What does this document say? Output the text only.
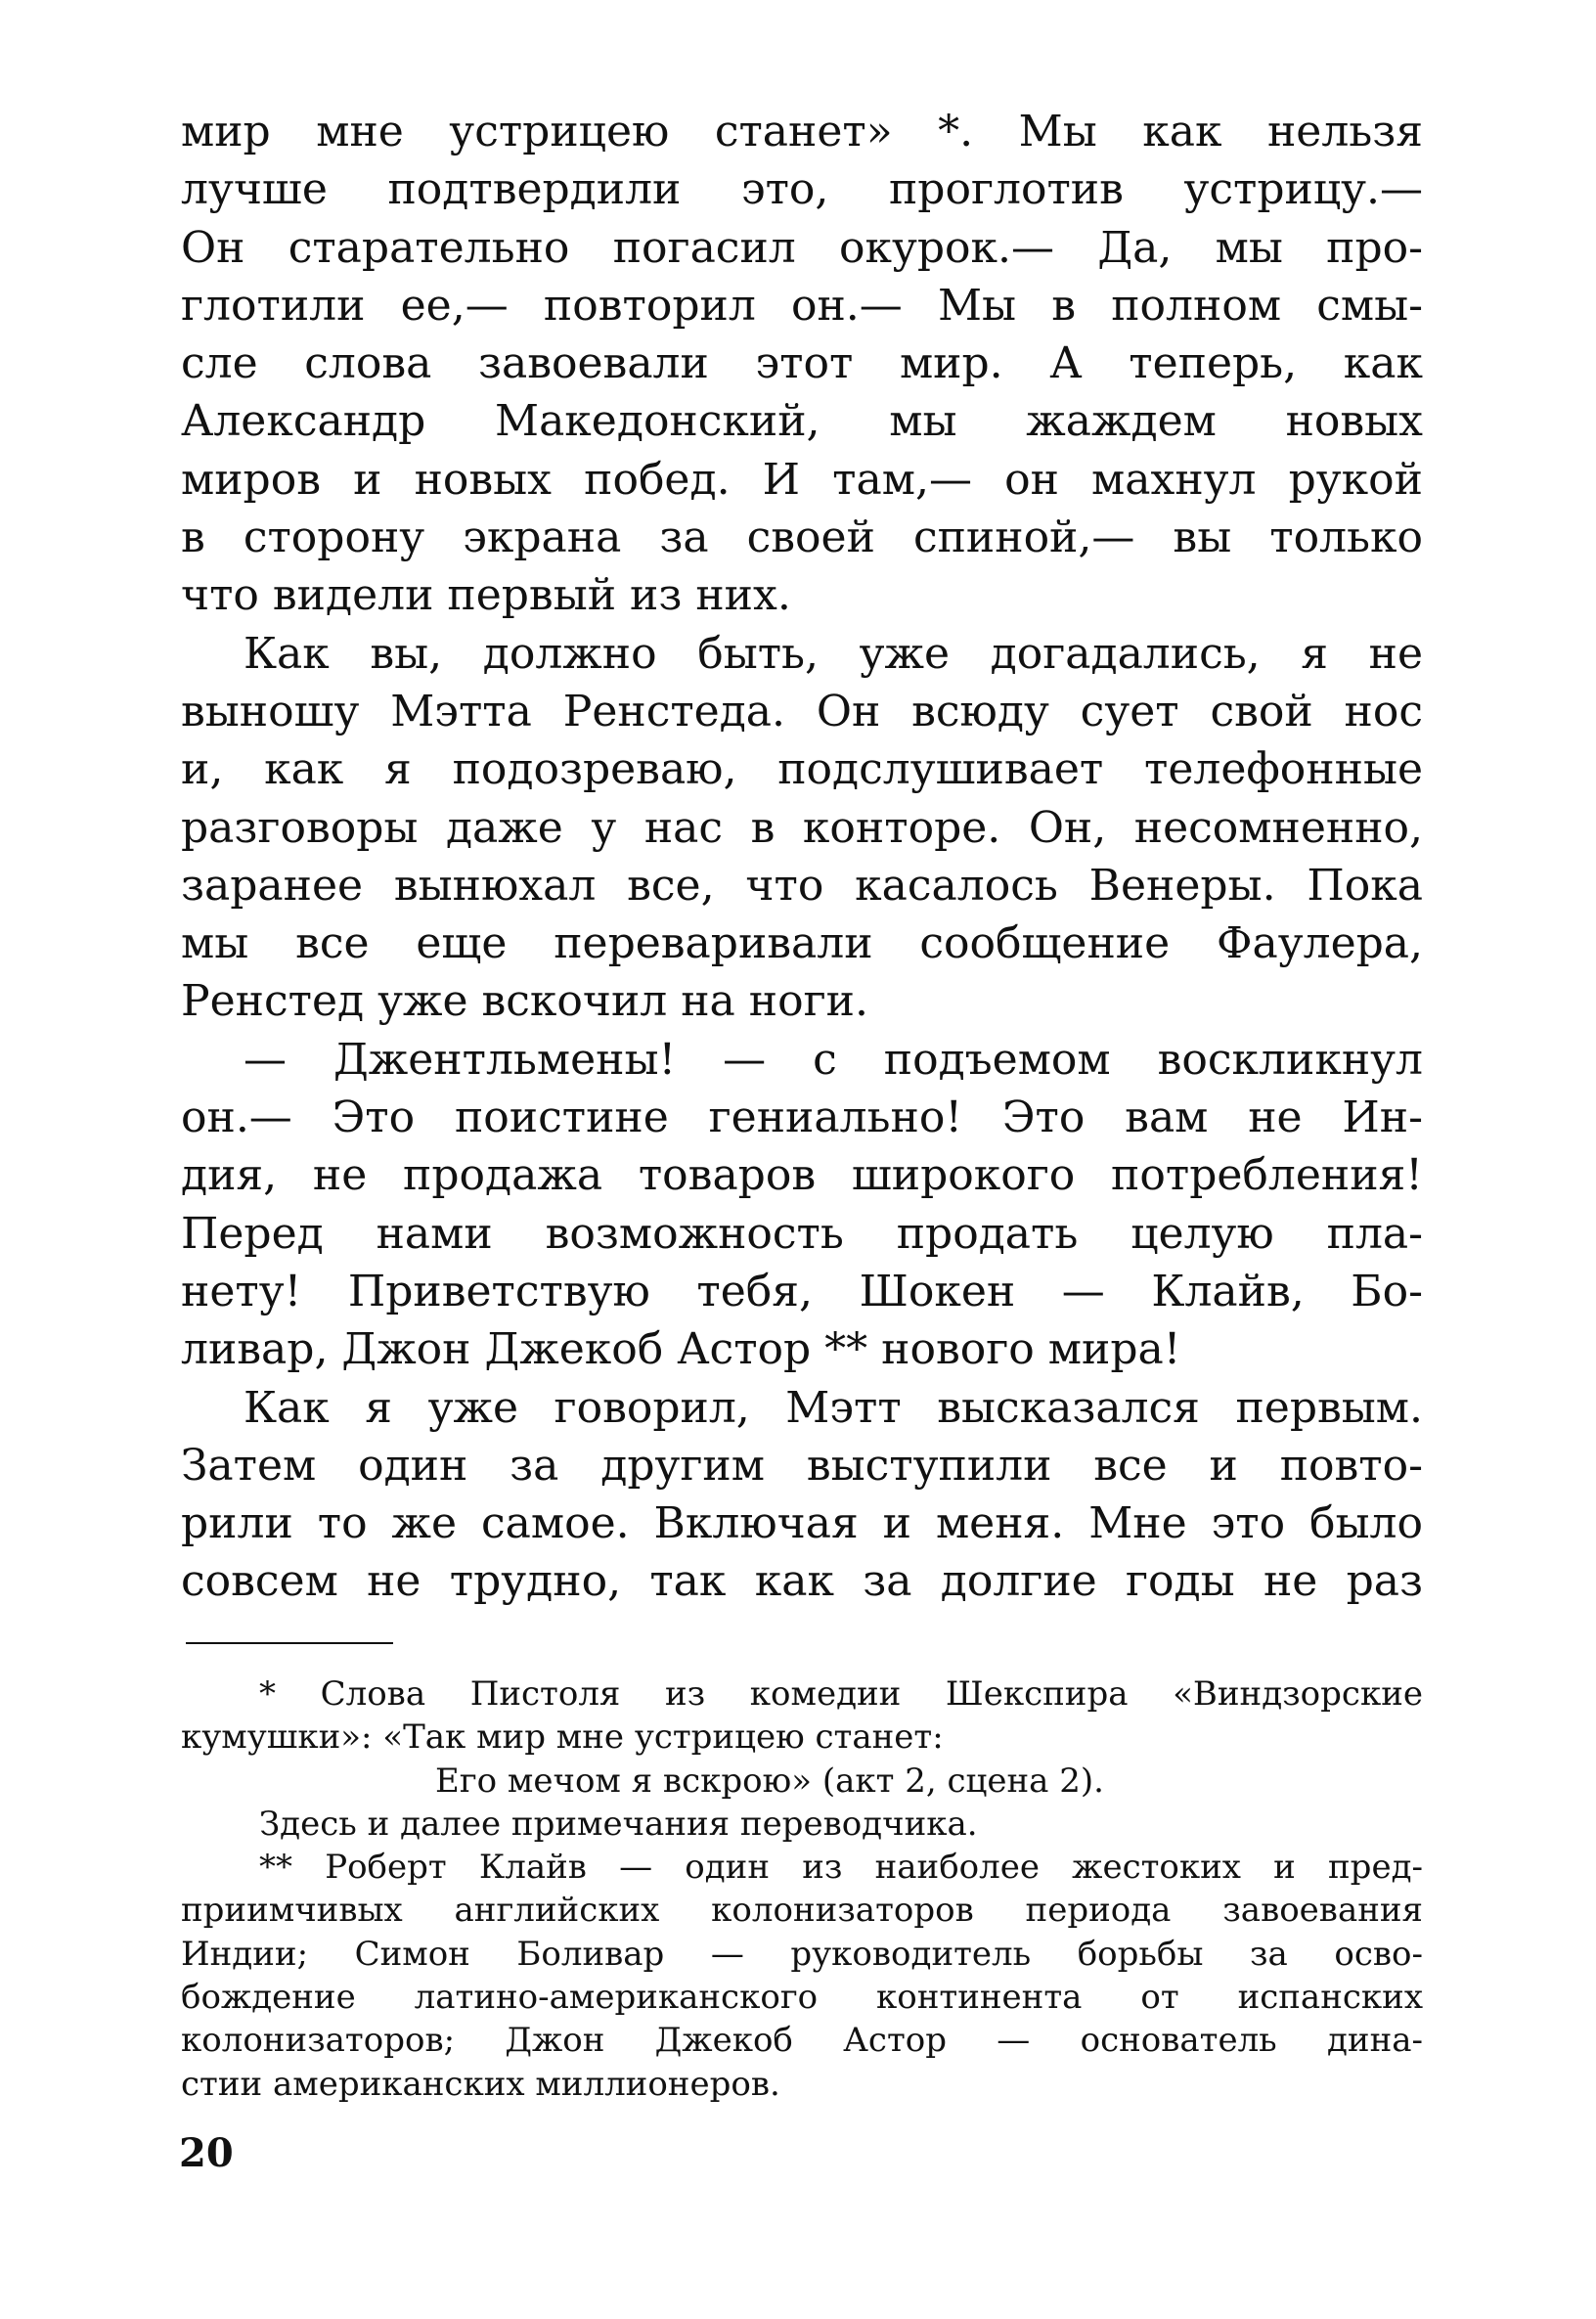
мир мне устрицею станет» *. Мы как нельзя
лучше подтвердили это, проглотив устрицу.—
Он старательно погасил окурок.— Да, мы про-
глотили ее,— повторил он.— Мы в полном смы-
сле слова завоевали этот мир. А теперь, как
Александр Македонский, мы жаждем новых
миров и новых побед. И там,— он махнул рукой
в сторону экрана за своей спиной,— вы только
что видели первый из них.
Как вы, должно быть, уже догадались, я не
выношу Мэтта Ренстеда. Он всюду сует свой нос
и, как я подозреваю, подслушивает телефонные
разговоры даже у нас в конторе. Он, несомненно,
заранее вынюхал все, что касалось Венеры. Пока
мы все еще переваривали сообщение Фаулера,
Ренстед уже вскочил на ноги.
— Джентльмены! — с подъемом воскликнул
он.— Это поистине гениально! Это вам не Ин-
дия, не продажа товаров широкого потребления!
Перед нами возможность продать целую пла-
нету! Приветствую тебя, Шокен — Клайв, Бо-
ливар, Джон Джекоб Астор ** нового мира!
Как я уже говорил, Мэтт высказался первым.
Затем один за другим выступили все и повто-
рили то же самое. Включая и меня. Мне это было
совсем не трудно, так как за долгие годы не раз
* Слова Пистоля из комедии Шекспира «Виндзорские
кумушки»: «Так мир мне устрицею станет:
Его мечом я вскрою» (акт 2, сцена 2).
Здесь и далее примечания переводчика.
** Роберт Клайв — один из наиболее жестоких и пред-
приимчивых английских колонизаторов периода завоевания
Индии; Симон Боливар — руководитель борьбы за осво-
бождение латино-американского континента от испанских
колонизаторов; Джон Джекоб Астор — основатель дина-
стии американских миллионеров.
20
